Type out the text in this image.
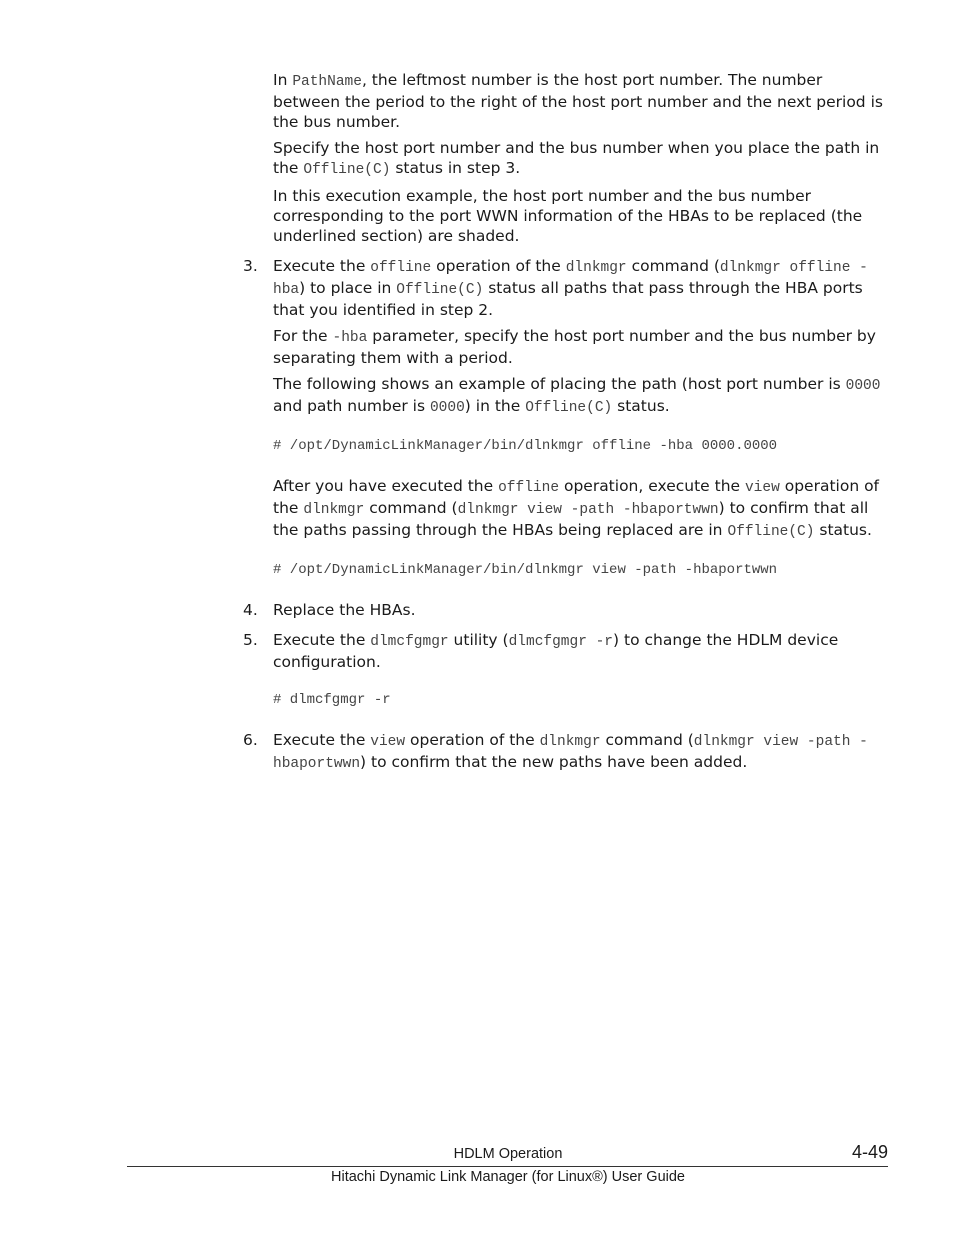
In PathName, the leftmost number is the host port number. The number between the period to the right of the host port number and the next period is the bus number.

Specify the host port number and the bus number when you place the path in the Offline(C) status in step 3.

In this execution example, the host port number and the bus number corresponding to the port WWN information of the HBAs to be replaced (the underlined section) are shaded.

3. Execute the offline operation of the dlnkmgr command (dlnkmgr offline -hba) to place in Offline(C) status all paths that pass through the HBA ports that you identified in step 2.

For the -hba parameter, specify the host port number and the bus number by separating them with a period.

The following shows an example of placing the path (host port number is 0000 and path number is 0000) in the Offline(C) status.

# /opt/DynamicLinkManager/bin/dlnkmgr offline -hba 0000.0000

After you have executed the offline operation, execute the view operation of the dlnkmgr command (dlnkmgr view -path -hbaportwwn) to confirm that all the paths passing through the HBAs being replaced are in Offline(C) status.

# /opt/DynamicLinkManager/bin/dlnkmgr view -path -hbaportwwn
4. Replace the HBAs.

5. Execute the dlmcfgmgr utility (dlmcfgmgr -r) to change the HDLM device configuration.

# dlmcfgmgr -r
6. Execute the view operation of the dlnkmgr command (dlnkmgr view -path -hbaportwwn) to confirm that the new paths have been added.

HDLM Operation	4-49
Hitachi Dynamic Link Manager (for Linux®) User Guide
